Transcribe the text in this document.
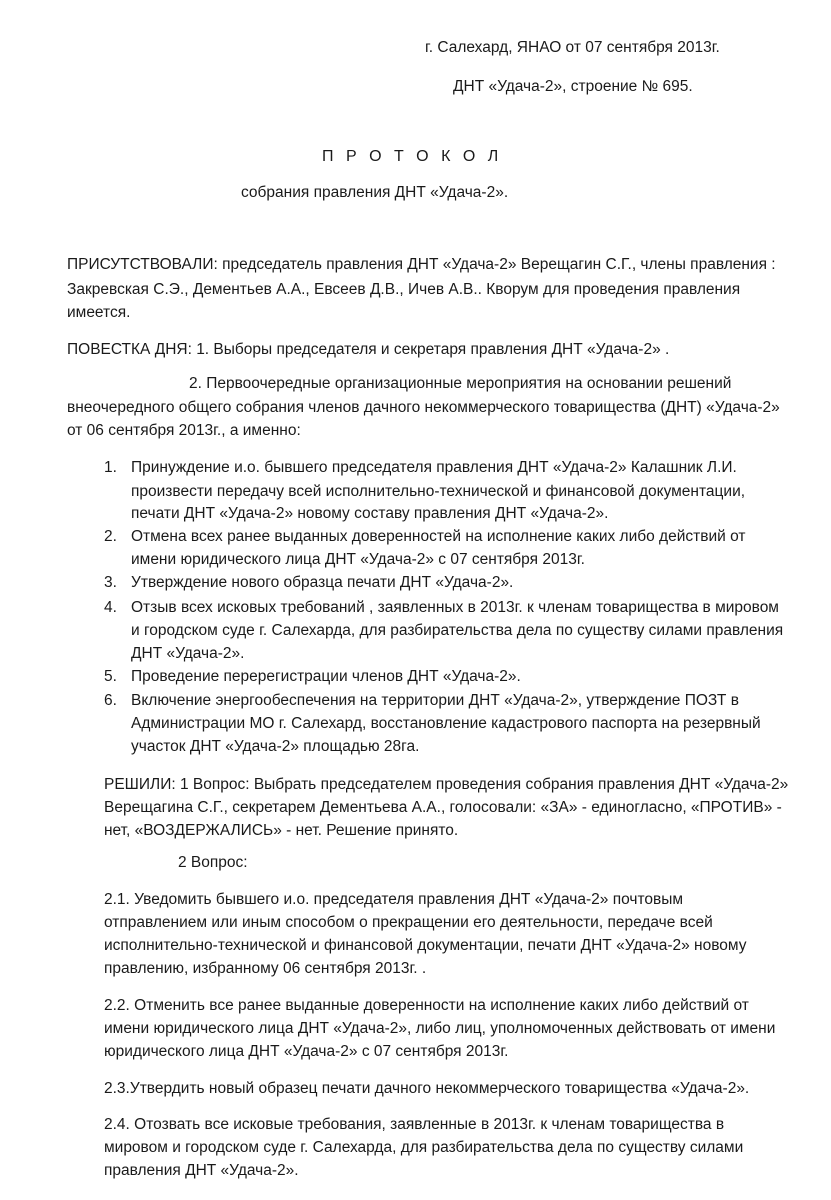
г. Салехард, ЯНАО от 07 сентября 2013г.
ДНТ «Удача-2», строение № 695.
П Р О Т О К О Л
собрания правления ДНТ «Удача-2».
ПРИСУТСТВОВАЛИ: председатель правления ДНТ «Удача-2» Верещагин С.Г., члены правления :
Закревская С.Э., Дементьев А.А., Евсеев Д.В., Ичев А.В.. Кворум для проведения правления
имеется.
ПОВЕСТКА ДНЯ: 1. Выборы председателя и секретаря правления ДНТ «Удача-2» .
2. Первоочередные организационные мероприятия на основании решений
внеочередного общего собрания членов дачного некоммерческого товарищества (ДНТ) «Удача-2»
от 06 сентября 2013г., а именно:
1. Принуждение и.о. бывшего председателя правления ДНТ «Удача-2» Калашник Л.И.
произвести передачу всей исполнительно-технической и финансовой документации,
печати ДНТ «Удача-2» новому составу правления ДНТ «Удача-2».
2. Отмена всех ранее выданных доверенностей на исполнение каких либо действий от
имени юридического лица ДНТ «Удача-2» с 07 сентября 2013г.
3. Утверждение нового образца печати ДНТ «Удача-2».
4. Отзыв всех исковых требований , заявленных в 2013г. к членам товарищества в мировом
и городском суде г. Салехарда, для разбирательства дела по существу силами правления
ДНТ «Удача-2».
5. Проведение перерегистрации членов ДНТ «Удача-2».
6. Включение энергообеспечения на территории ДНТ «Удача-2», утверждение ПОЗТ в
Администрации МО г. Салехард, восстановление кадастрового паспорта на резервный
участок ДНТ «Удача-2» площадью 28га.
РЕШИЛИ: 1 Вопрос: Выбрать председателем проведения собрания правления ДНТ «Удача-2»
Верещагина С.Г., секретарем Дементьева А.А., голосовали: «ЗА» - единогласно, «ПРОТИВ» -
нет, «ВОЗДЕРЖАЛИСЬ» - нет. Решение принято.
2 Вопрос:
2.1. Уведомить бывшего и.о. председателя правления ДНТ «Удача-2» почтовым
отправлением или иным способом о прекращении его деятельности, передаче всей
исполнительно-технической и финансовой документации, печати ДНТ «Удача-2» новому
правлению, избранному 06 сентября 2013г. .
2.2. Отменить все ранее выданные доверенности на исполнение каких либо действий от
имени юридического лица ДНТ «Удача-2», либо лиц, уполномоченных действовать от имени
юридического лица ДНТ «Удача-2» с 07 сентября 2013г.
2.3.Утвердить новый образец печати дачного некоммерческого товарищества «Удача-2».
2.4. Отозвать все исковые требования, заявленные в 2013г. к членам товарищества в
мировом и городском суде г. Салехарда, для разбирательства дела по существу силами
правления ДНТ «Удача-2».
